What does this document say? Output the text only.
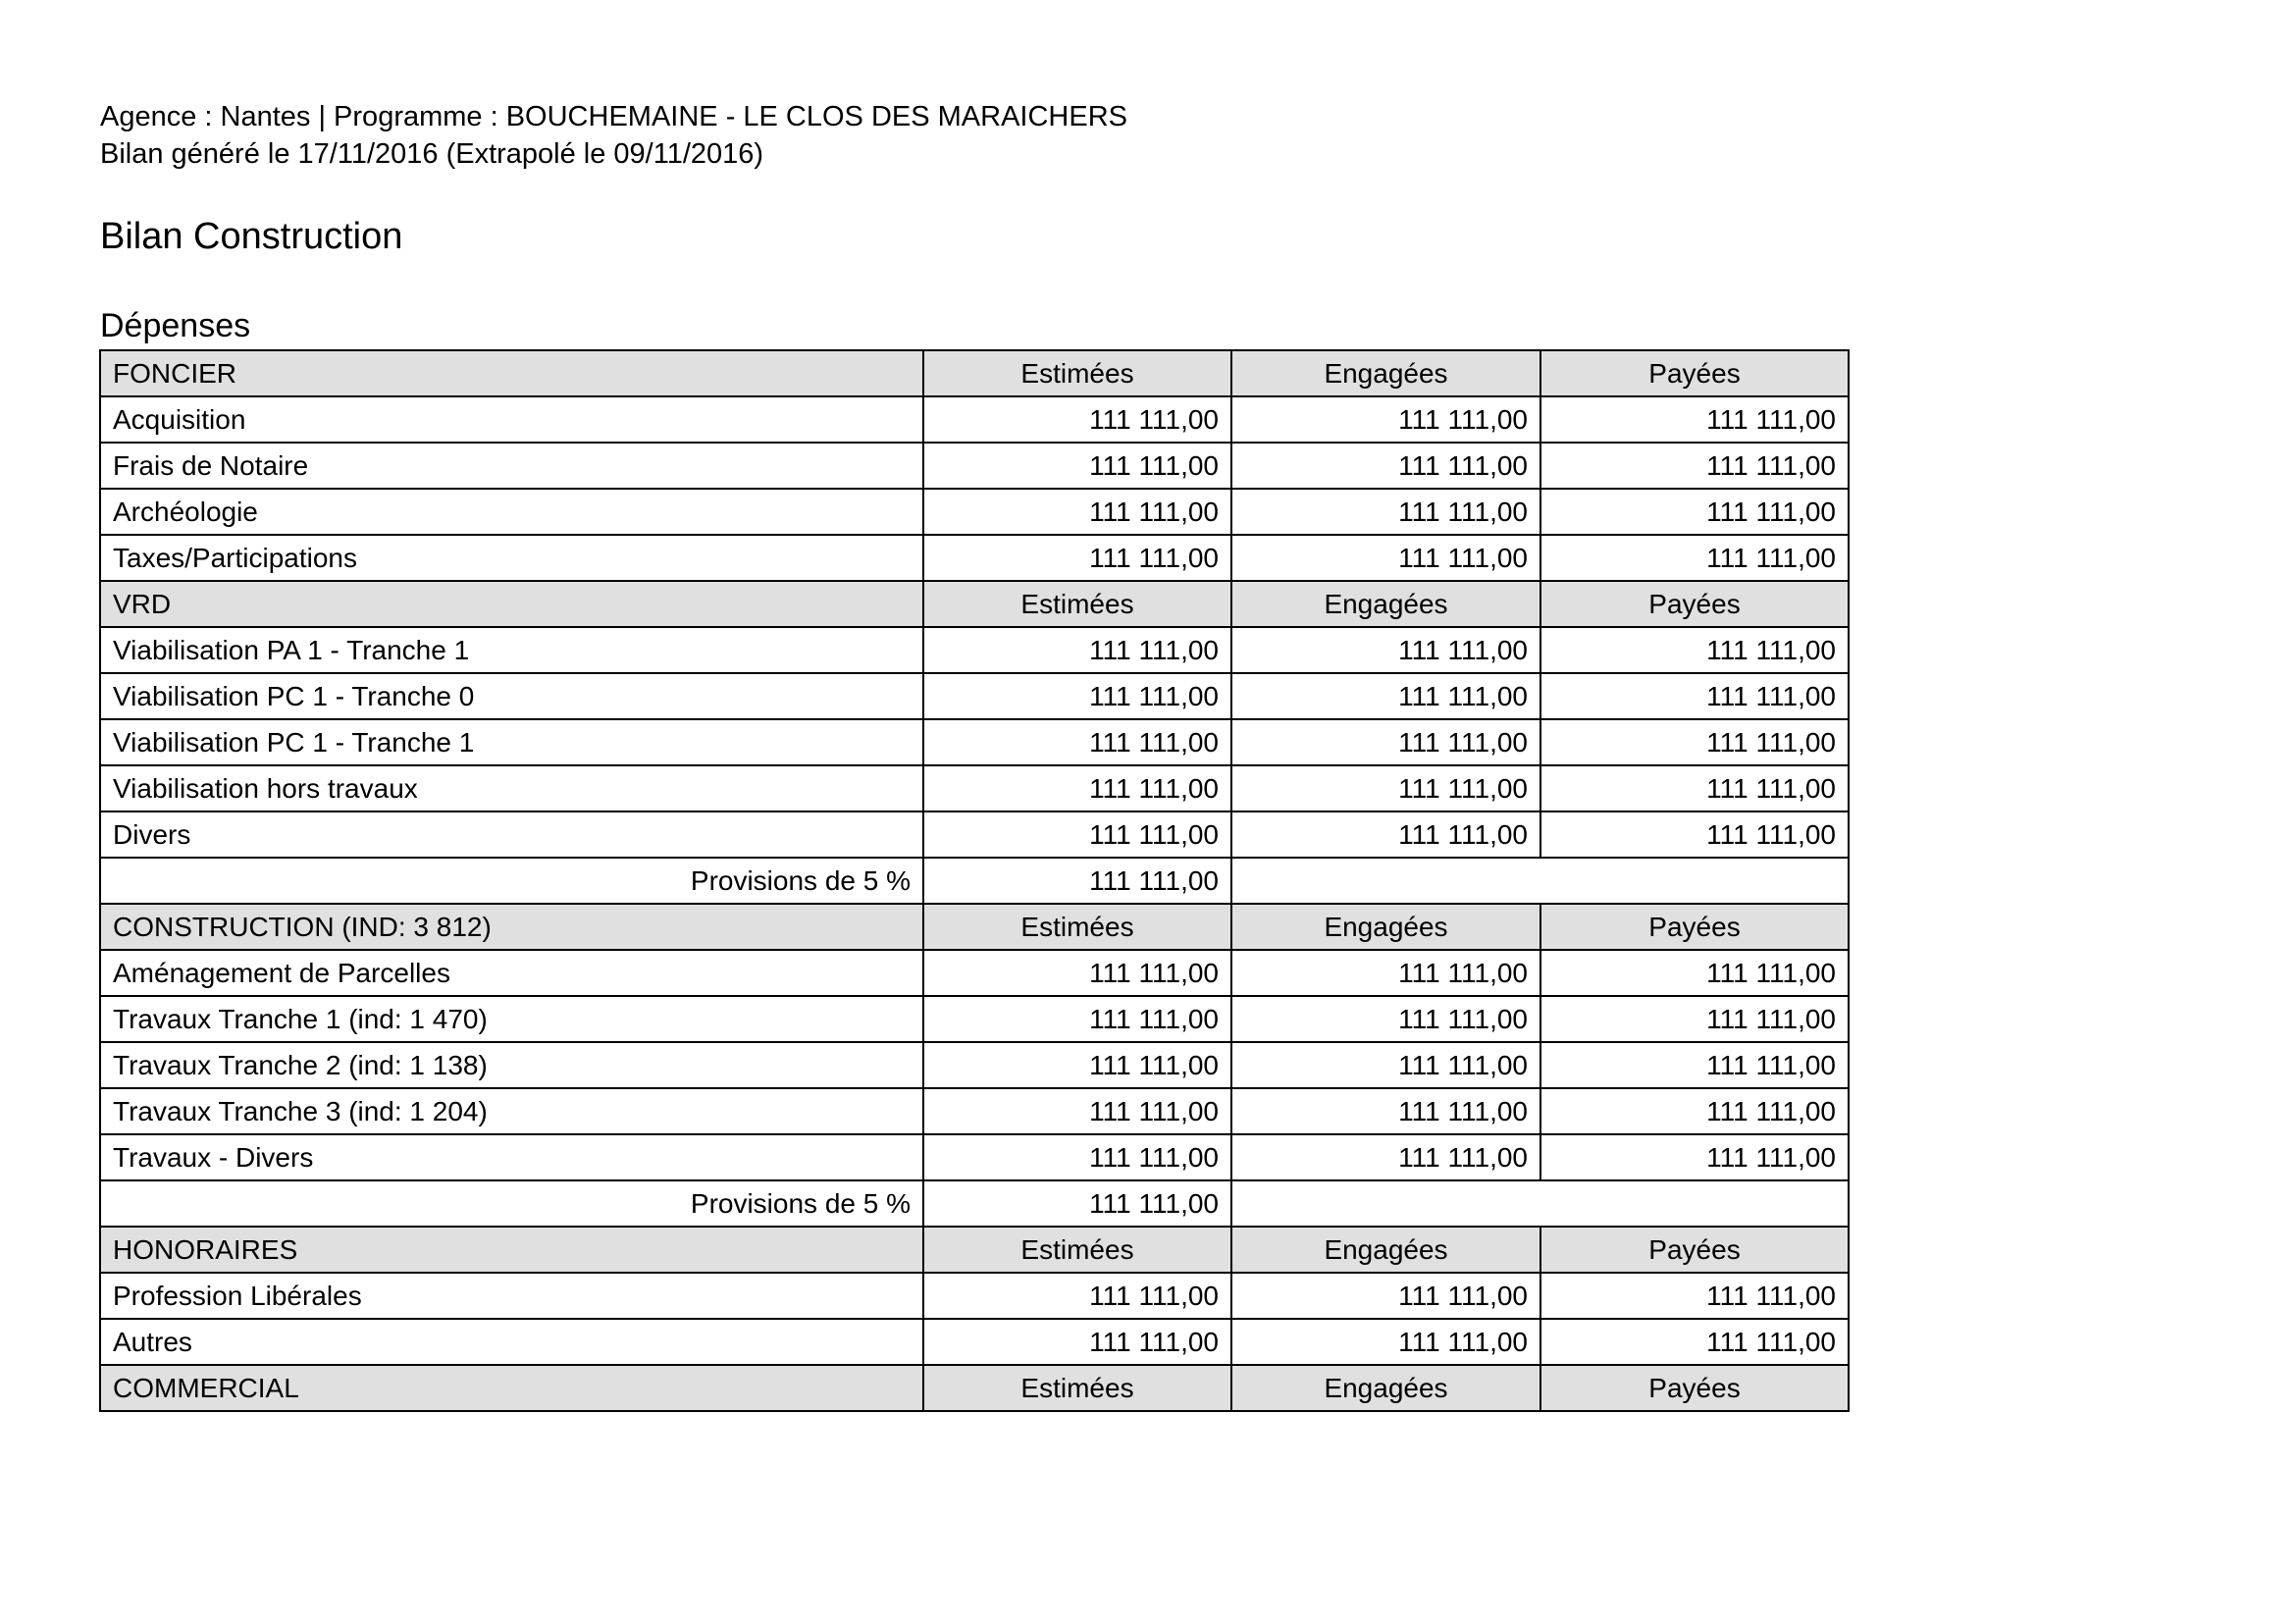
Agence : Nantes | Programme : BOUCHEMAINE - LE CLOS DES MARAICHERS
Bilan généré le 17/11/2016 (Extrapolé le 09/11/2016)
Bilan Construction
Dépenses
FONCIER	Estimées	Engagées	Payées
Acquisition	111 111,00	111 111,00	111 111,00
Frais de Notaire	111 111,00	111 111,00	111 111,00
Archéologie	111 111,00	111 111,00	111 111,00
Taxes/Participations	111 111,00	111 111,00	111 111,00
VRD	Estimées	Engagées	Payées
Viabilisation PA 1 - Tranche 1	111 111,00	111 111,00	111 111,00
Viabilisation PC 1 - Tranche 0	111 111,00	111 111,00	111 111,00
Viabilisation PC 1 - Tranche 1	111 111,00	111 111,00	111 111,00
Viabilisation hors travaux	111 111,00	111 111,00	111 111,00
Divers	111 111,00	111 111,00	111 111,00
Provisions de 5 %	111 111,00		
CONSTRUCTION (IND: 3 812)	Estimées	Engagées	Payées
Aménagement de Parcelles	111 111,00	111 111,00	111 111,00
Travaux Tranche 1 (ind: 1 470)	111 111,00	111 111,00	111 111,00
Travaux Tranche 2 (ind: 1 138)	111 111,00	111 111,00	111 111,00
Travaux Tranche 3 (ind: 1 204)	111 111,00	111 111,00	111 111,00
Travaux - Divers	111 111,00	111 111,00	111 111,00
Provisions de 5 %	111 111,00		
HONORAIRES	Estimées	Engagées	Payées
Profession Libérales	111 111,00	111 111,00	111 111,00
Autres	111 111,00	111 111,00	111 111,00
COMMERCIAL	Estimées	Engagées	Payées
